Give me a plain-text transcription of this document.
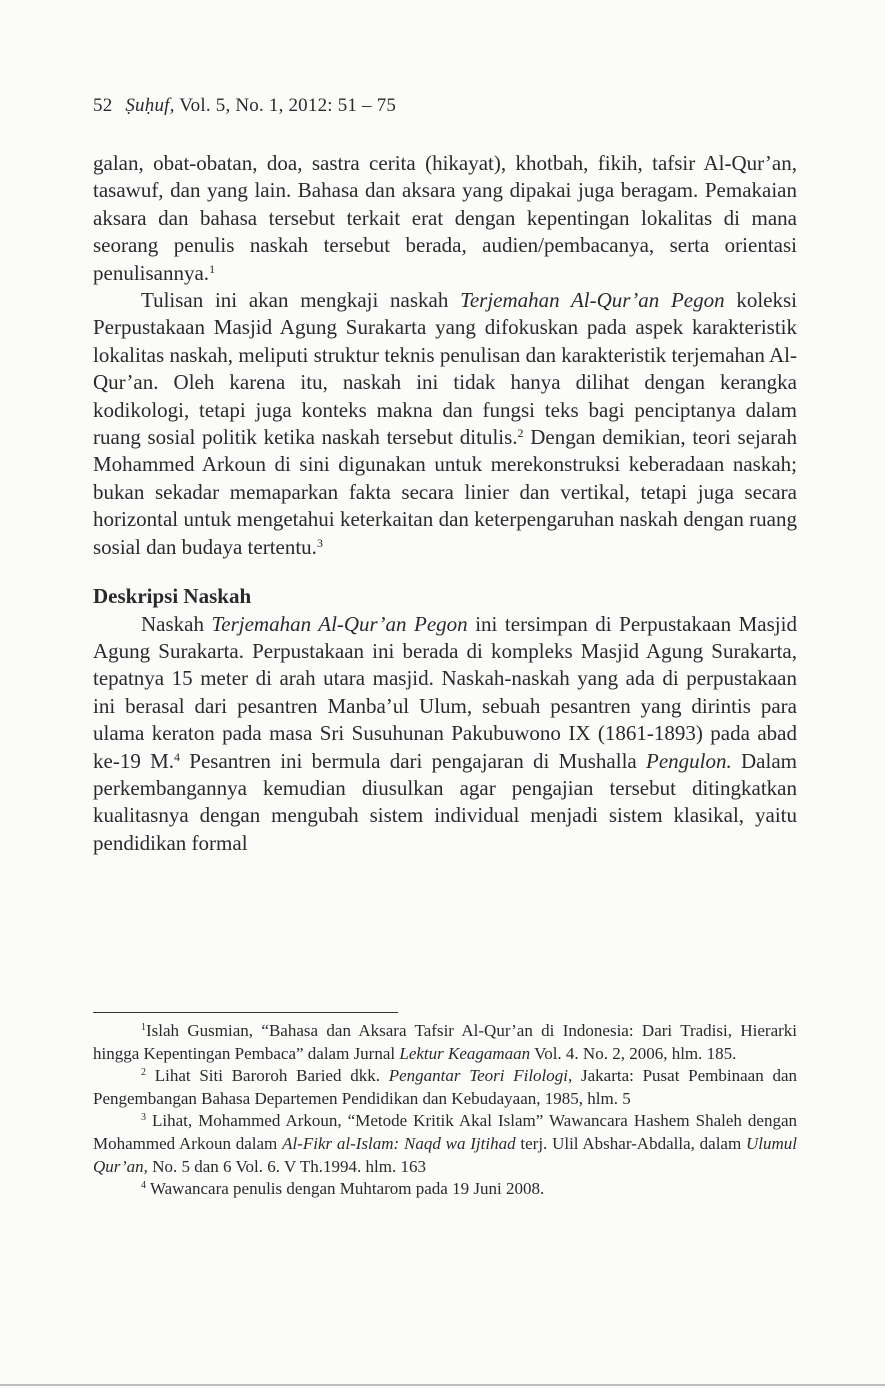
52 Ṣuḥuf, Vol. 5, No. 1, 2012: 51 – 75

galan, obat-obatan, doa, sastra cerita (hikayat), khotbah, fikih, tafsir Al-Qur’an, tasawuf, dan yang lain. Bahasa dan aksara yang dipakai juga beragam. Pemakaian aksara dan bahasa tersebut terkait erat dengan kepentingan lokalitas di mana seorang penulis naskah tersebut berada, audien/pembacanya, serta orientasi penulisannya.$^1$

Tulisan ini akan mengkaji naskah Terjemahan Al-Qur’an Pegon koleksi Perpustakaan Masjid Agung Surakarta yang difokuskan pada aspek karakteristik lokalitas naskah, meliputi struktur teknis penulisan dan karakteristik terjemahan Al-Qur’an. Oleh karena itu, naskah ini tidak hanya dilihat dengan kerangka kodikologi, tetapi juga konteks makna dan fungsi teks bagi penciptanya dalam ruang sosial politik ketika naskah tersebut ditulis.$^2$ Dengan demikian, teori sejarah Mohammed Arkoun di sini digunakan untuk merekonstruksi keberadaan naskah; bukan sekadar memaparkan fakta secara linier dan vertikal, tetapi juga secara horizontal untuk mengetahui keterkaitan dan keterpengaruhan naskah dengan ruang sosial dan budaya tertentu.$^3$

Deskripsi Naskah

Naskah Terjemahan Al-Qur’an Pegon ini tersimpan di Perpustakaan Masjid Agung Surakarta. Perpustakaan ini berada di kompleks Masjid Agung Surakarta, tepatnya 15 meter di arah utara masjid. Naskah-naskah yang ada di perpustakaan ini berasal dari pesantren Manba’ul Ulum, sebuah pesantren yang dirintis para ulama keraton pada masa Sri Susuhunan Pakubuwono IX (1861-1893) pada abad ke-19 M.$^4$ Pesantren ini bermula dari pengajaran di Mushalla Pengulon. Dalam perkembangannya kemudian diusulkan agar pengajian tersebut ditingkatkan kualitasnya dengan mengubah sistem individual menjadi sistem klasikal, yaitu pendidikan formal

$^1$Islah Gusmian, “Bahasa dan Aksara Tafsir Al-Qur’an di Indonesia: Dari Tradisi, Hierarki hingga Kepentingan Pembaca” dalam Jurnal Lektur Keagamaan Vol. 4. No. 2, 2006, hlm. 185.

$^2$ Lihat Siti Baroroh Baried dkk. Pengantar Teori Filologi, Jakarta: Pusat Pembinaan dan Pengembangan Bahasa Departemen Pendidikan dan Kebudayaan, 1985, hlm. 5

$^3$ Lihat, Mohammed Arkoun, “Metode Kritik Akal Islam” Wawancara Hashem Shaleh dengan Mohammed Arkoun dalam Al-Fikr al-Islam: Naqd wa Ijtihad terj. Ulil Abshar-Abdalla, dalam Ulumul Qur’an, No. 5 dan 6 Vol. 6. V Th.1994. hlm. 163

$^4$ Wawancara penulis dengan Muhtarom pada 19 Juni 2008.
